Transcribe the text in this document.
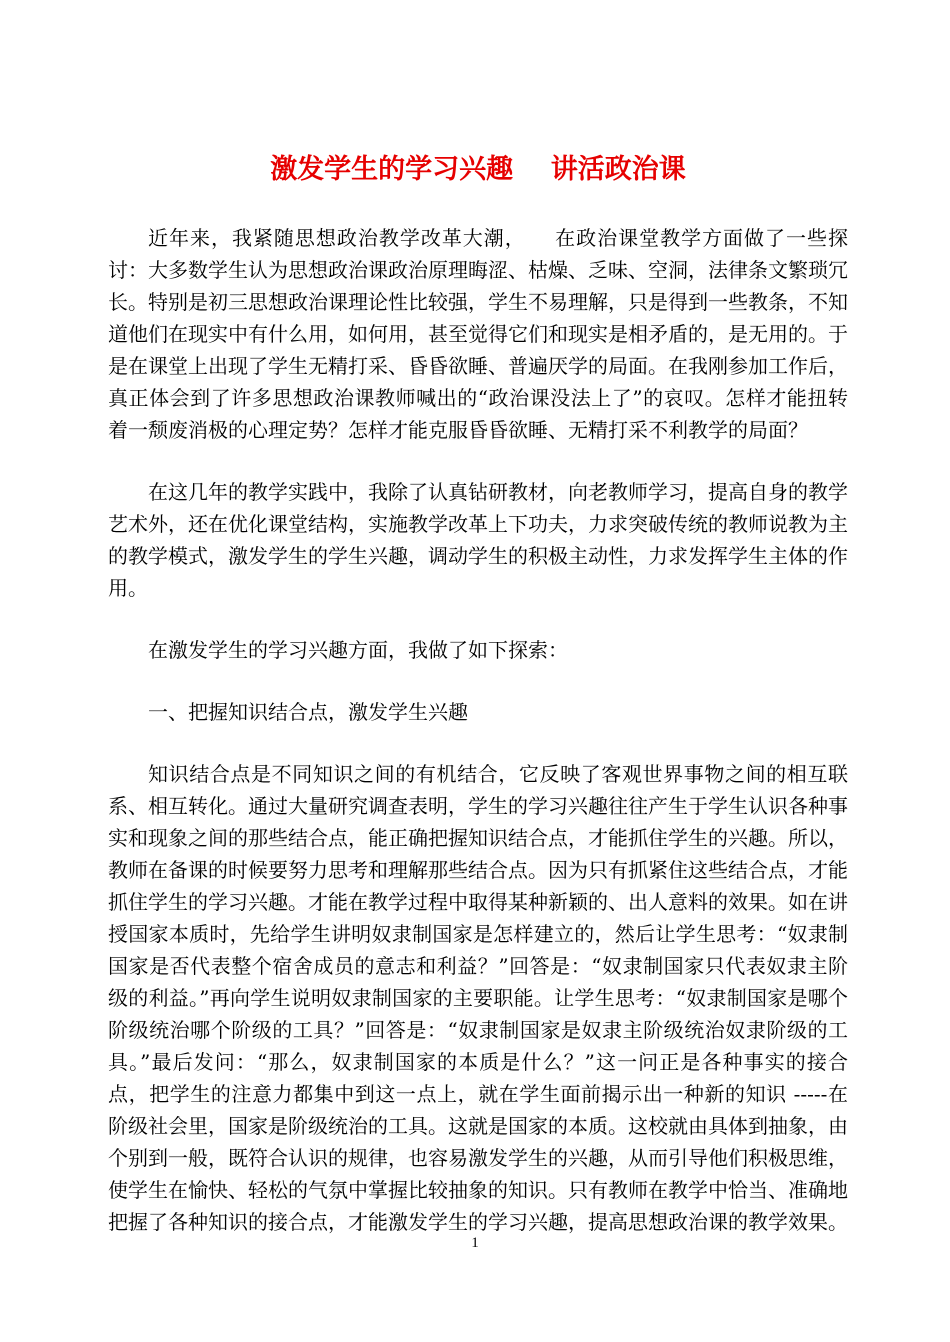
激发学生的学习兴趣    讲活政治课

近年来，我紧随思想政治教学改革大潮，    在政治课堂教学方面做了一些探讨：大多数学生认为思想政治课政治原理晦涩、枯燥、乏味、空洞，法律条文繁琐冗长。特别是初三思想政治课理论性比较强，学生不易理解，只是得到一些教条，不知道他们在现实中有什么用，如何用，甚至觉得它们和现实是相矛盾的，是无用的。于是在课堂上出现了学生无精打采、昏昏欲睡、普遍厌学的局面。在我刚参加工作后，真正体会到了许多思想政治课教师喊出的“政治课没法上了”的哀叹。怎样才能扭转着一颓废消极的心理定势？怎样才能克服昏昏欲睡、无精打采不利教学的局面？

在这几年的教学实践中，我除了认真钻研教材，向老教师学习，提高自身的教学艺术外，还在优化课堂结构，实施教学改革上下功夫，力求突破传统的教师说教为主的教学模式，激发学生的学生兴趣，调动学生的积极主动性，力求发挥学生主体的作用。

在激发学生的学习兴趣方面，我做了如下探索：

一、把握知识结合点，激发学生兴趣

知识结合点是不同知识之间的有机结合，它反映了客观世界事物之间的相互联系、相互转化。通过大量研究调查表明，学生的学习兴趣往往产生于学生认识各种事实和现象之间的那些结合点，能正确把握知识结合点，才能抓住学生的兴趣。所以，教师在备课的时候要努力思考和理解那些结合点。因为只有抓紧住这些结合点，才能抓住学生的学习兴趣。才能在教学过程中取得某种新颖的、出人意料的效果。如在讲授国家本质时，先给学生讲明奴隶制国家是怎样建立的，然后让学生思考：“奴隶制国家是否代表整个宿舍成员的意志和利益？”回答是：“奴隶制国家只代表奴隶主阶级的利益。”再向学生说明奴隶制国家的主要职能。让学生思考：“奴隶制国家是哪个阶级统治哪个阶级的工具？”回答是：“奴隶制国家是奴隶主阶级统治奴隶阶级的工具。”最后发问：“那么，奴隶制国家的本质是什么？”这一问正是各种事实的接合点，把学生的注意力都集中到这一点上，就在学生面前揭示出一种新的知识 -----在阶级社会里，国家是阶级统治的工具。这就是国家的本质。这校就由具体到抽象，由个别到一般，既符合认识的规律，也容易激发学生的兴趣，从而引导他们积极思维，使学生在愉快、轻松的气氛中掌握比较抽象的知识。只有教师在教学中恰当、准确地把握了各种知识的接合点，才能激发学生的学习兴趣，提高思想政治课的教学效果。

1
